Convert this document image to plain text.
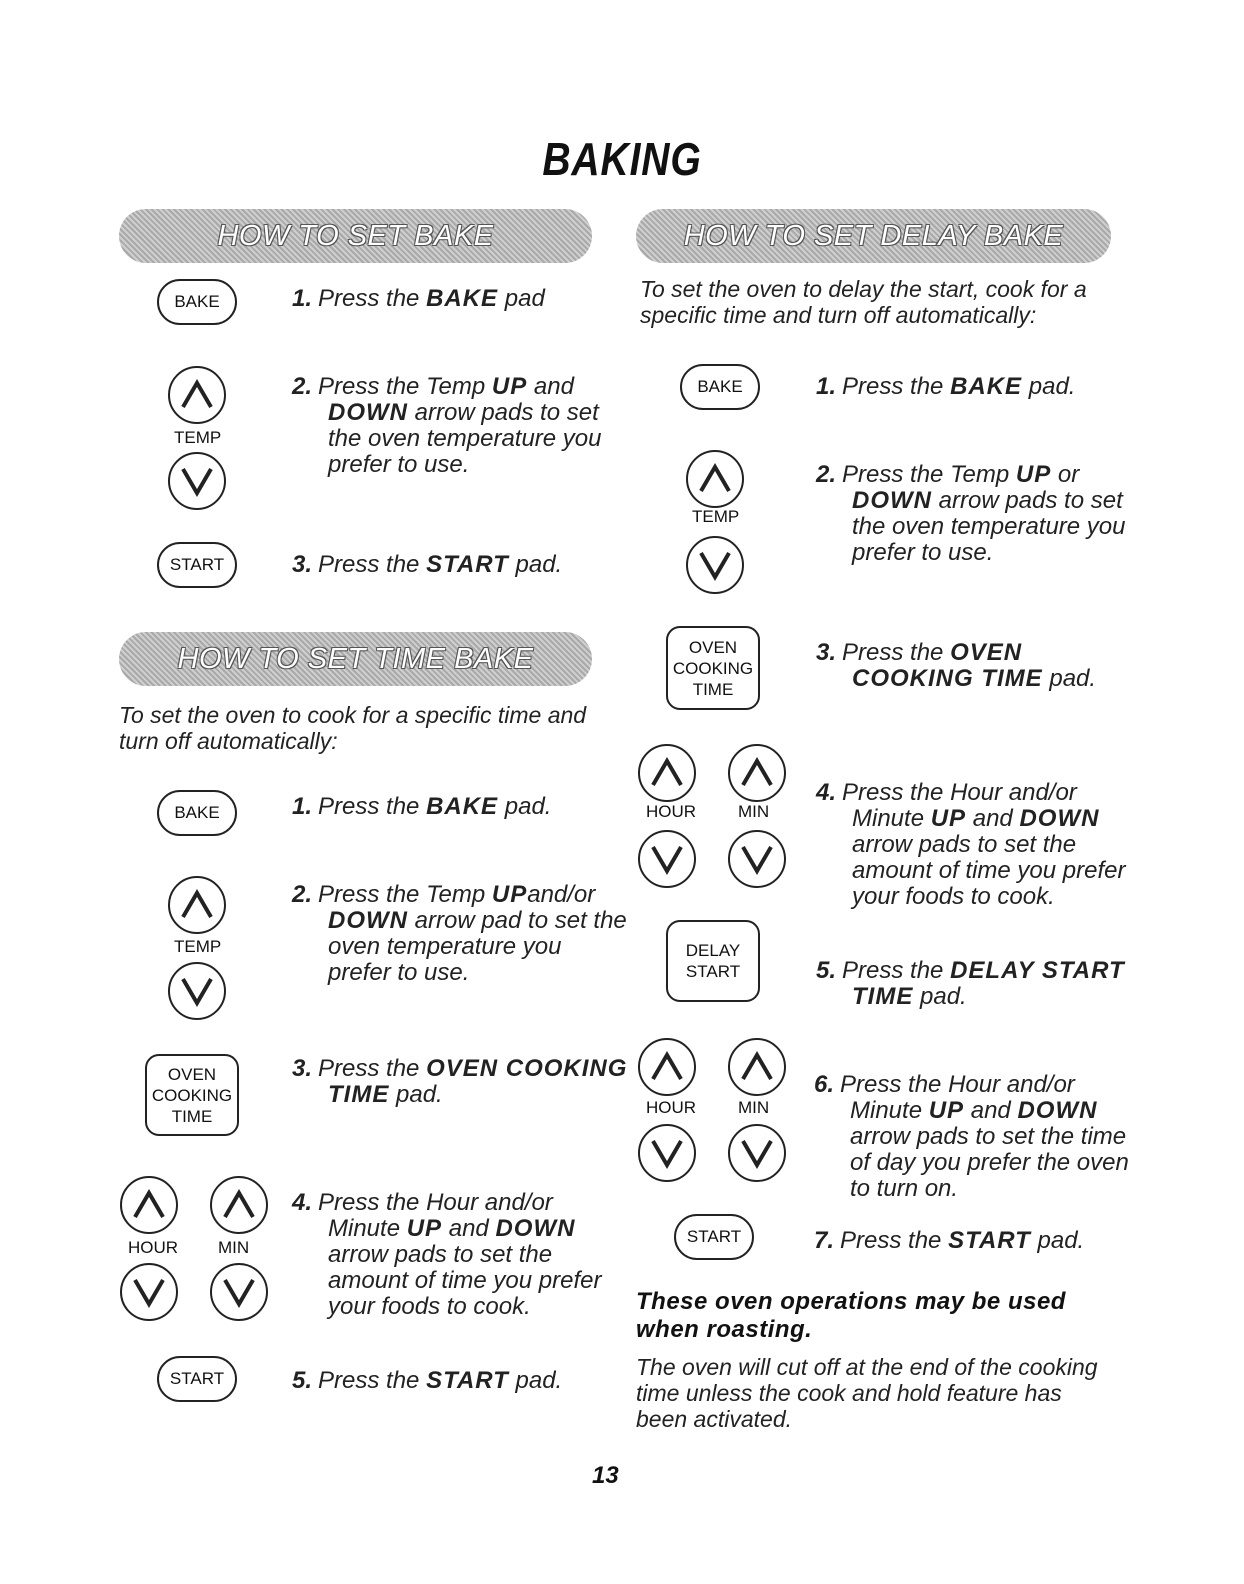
BAKING
HOW TO SET BAKE
BAKE	1. Press the BAKE pad
TEMP
2. Press the Temp UP and DOWN arrow pads to set the oven temperature you prefer to use.
START	3. Press the START pad.
HOW TO SET TIME BAKE
To set the oven to cook for a specific time and turn off automatically:
BAKE	1. Press the BAKE pad.
TEMP
2. Press the Temp UPand/or DOWN arrow pad to set the oven temperature you prefer to use.
OVEN
COOKING
TIME
3. Press the OVEN COOKING TIME pad.
HOUR MIN
4. Press the Hour and/or Minute UP and DOWN arrow pads to set the amount of time you prefer your foods to cook.
START	5. Press the START pad.
HOW TO SET DELAY BAKE
To set the oven to delay the start, cook for a specific time and turn off automatically:
BAKE	1. Press the BAKE pad.
TEMP
2. Press the Temp UP or DOWN arrow pads to set the oven temperature you prefer to use.
OVEN
COOKING
TIME
3. Press the OVEN COOKING TIME pad.
HOUR MIN
4. Press the Hour and/or Minute UP and DOWN arrow pads to set the amount of time you prefer your foods to cook.
DELAY
START	5. Press the DELAY START TIME pad.
HOUR MIN
6. Press the Hour and/or Minute UP and DOWN arrow pads to set the time of day you prefer the oven to turn on.
START	7. Press the START pad.
These oven operations may be used when roasting.
The oven will cut off at the end of the cooking time unless the cook and hold feature has been activated.
13
